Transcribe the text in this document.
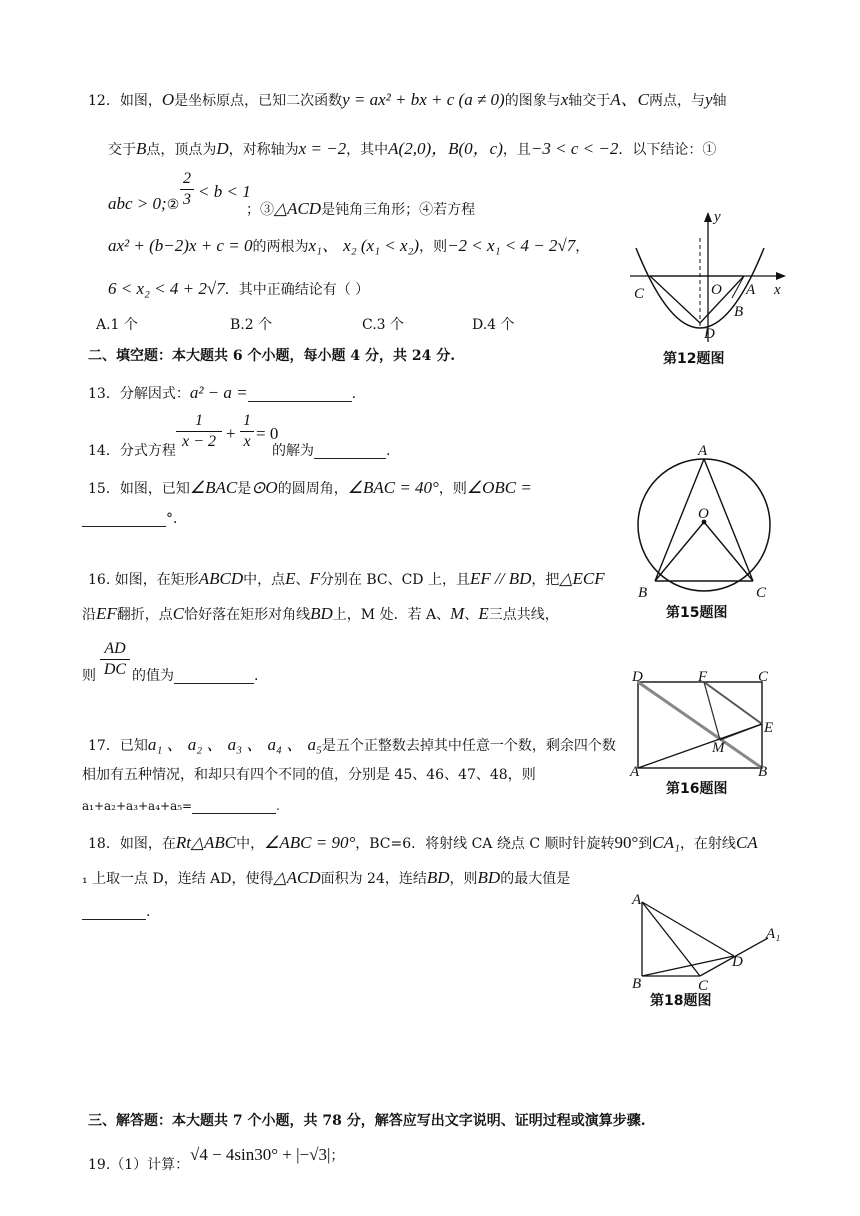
12．如图，O是坐标原点，已知二次函数y = ax² + bx + c (a ≠ 0)的图象与x轴交于A、C两点，与y轴
交于B点，顶点为D，对称轴为x = −2，其中A(2,0)，B(0，c)，且−3 < c < −2．以下结论：①
abc > 0;②
2
3 < b < 1
；③△ACD是钝角三角形；④若方程
ax² + (b−2)x + c = 0的两根为x₁、 x₂ (x₁ < x₂)，则−2 < x₁ < 4 − 2√7，
6 < x₂ < 4 + 2√7．其中正确结论有（ ）
A.1 个	B.2 个	C.3 个	D.4 个
y
x
C	O A
B
D
第12题图
二、填空题：本大题共 6 个小题，每小题 4 分，共 24 分.
13．分解因式：a² − a =	.
14．分式方程
1
x − 2 +
1
x = 0
的解为	.
15．如图，已知∠BAC是⊙O的圆周角，∠BAC = 40°，则∠OBC =
°．
A
O
B	C
第15题图
16. 如图，在矩形ABCD中，点E、F分别在 BC、CD 上，且EF // BD，把△ECF
沿EF翻折，点C恰好落在矩形对角线BD上，M 处．若 A、M、E三点共线，
则
AD
DC 的值为	.	D	F	C
E
M
A	B
第16题图
17．已知a₁ 、 a₂ 、 a₃ 、 a₄ 、 a₅是五个正整数去掉其中任意一个数，剩余四个数
相加有五种情况，和却只有四个不同的值，分别是 45、46、47、48，则
a₁+a₂+a₃+a₄+a₅=	.
18．如图，在Rt△ABC中，∠ABC = 90°，BC=6．将射线 CA 绕点 C 顺时针旋转90°到CA₁，在射线CA
₁ 上取一点 D，连结 AD，使得△ACD面积为 24，连结BD，则BD的最大值是
.
A
A₁
D
B	C
第18题图
三、解答题：本大题共 7 个小题，共 78 分，解答应写出文字说明、证明过程或演算步骤.
19.（1）计算：
√4 − 4sin30° + |−√3|；
